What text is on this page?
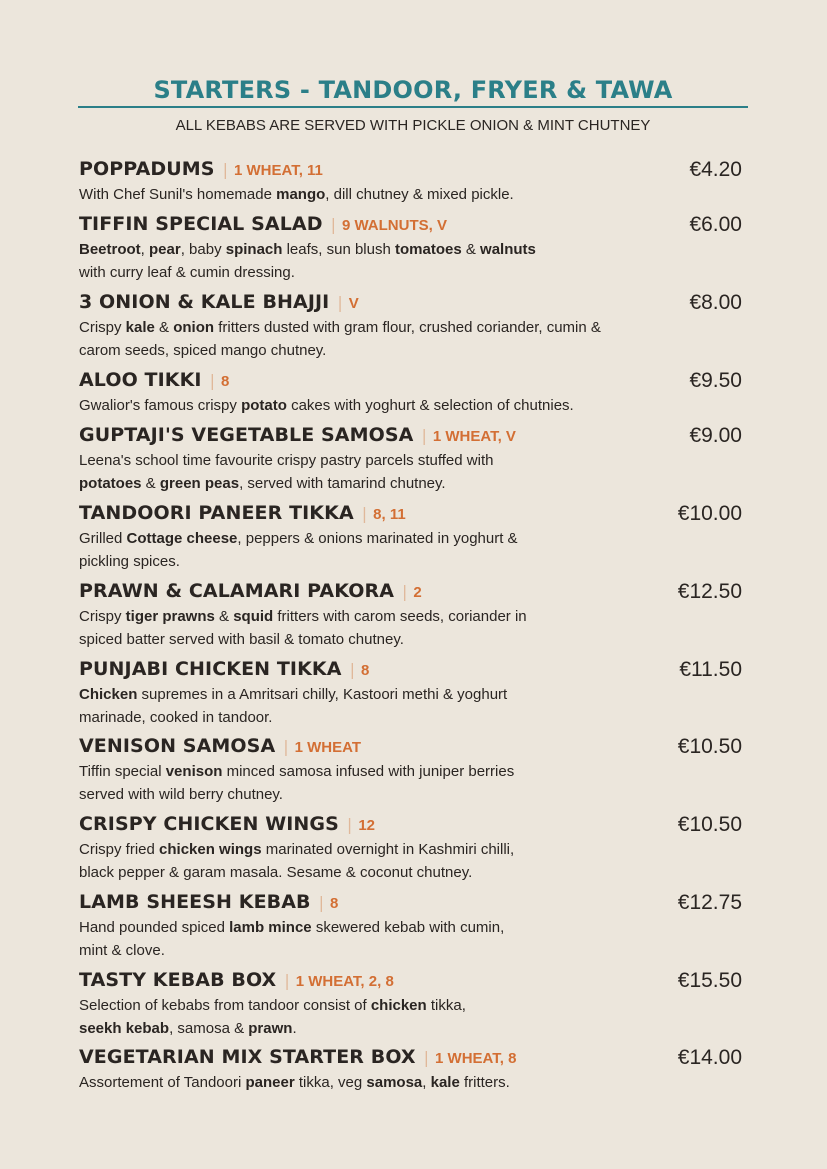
STARTERS - TANDOOR, FRYER & TAWA
ALL KEBABS ARE SERVED WITH PICKLE ONION & MINT CHUTNEY
POPPADUMS | 1 WHEAT, 11	€4.20
With Chef Sunil's homemade mango, dill chutney & mixed pickle.
TIFFIN SPECIAL SALAD | 9 WALNUTS, V	€6.00
Beetroot, pear, baby spinach leafs, sun blush tomatoes & walnuts
with curry leaf & cumin dressing.
3 ONION & KALE BHAJJI | V	€8.00
Crispy kale & onion fritters dusted with gram flour, crushed coriander, cumin &
carom seeds, spiced mango chutney.
ALOO TIKKI | 8	€9.50
Gwalior's famous crispy potato cakes with yoghurt & selection of chutnies.
GUPTAJI'S VEGETABLE SAMOSA | 1 WHEAT, V	€9.00
Leena's school time favourite crispy pastry parcels stuffed with
potatoes & green peas, served with tamarind chutney.
TANDOORI PANEER TIKKA | 8, 11	€10.00
Grilled Cottage cheese, peppers & onions marinated in yoghurt &
pickling spices.
PRAWN & CALAMARI PAKORA | 2	€12.50
Crispy tiger prawns & squid fritters with carom seeds, coriander in
spiced batter served with basil & tomato chutney.
PUNJABI CHICKEN TIKKA | 8	€11.50
Chicken supremes in a Amritsari chilly, Kastoori methi & yoghurt
marinade, cooked in tandoor.
VENISON SAMOSA | 1 WHEAT	€10.50
Tiffin special venison minced samosa infused with juniper berries
served with wild berry chutney.
CRISPY CHICKEN WINGS | 12	€10.50
Crispy fried chicken wings marinated overnight in Kashmiri chilli,
black pepper & garam masala. Sesame & coconut chutney.
LAMB SHEESH KEBAB | 8	€12.75
Hand pounded spiced lamb mince skewered kebab with cumin,
mint & clove.
TASTY KEBAB BOX | 1 WHEAT, 2, 8	€15.50
Selection of kebabs from tandoor consist of chicken tikka,
seekh kebab, samosa & prawn.
VEGETARIAN MIX STARTER BOX | 1 WHEAT, 8	€14.00
Assortement of Tandoori paneer tikka, veg samosa, kale fritters.
